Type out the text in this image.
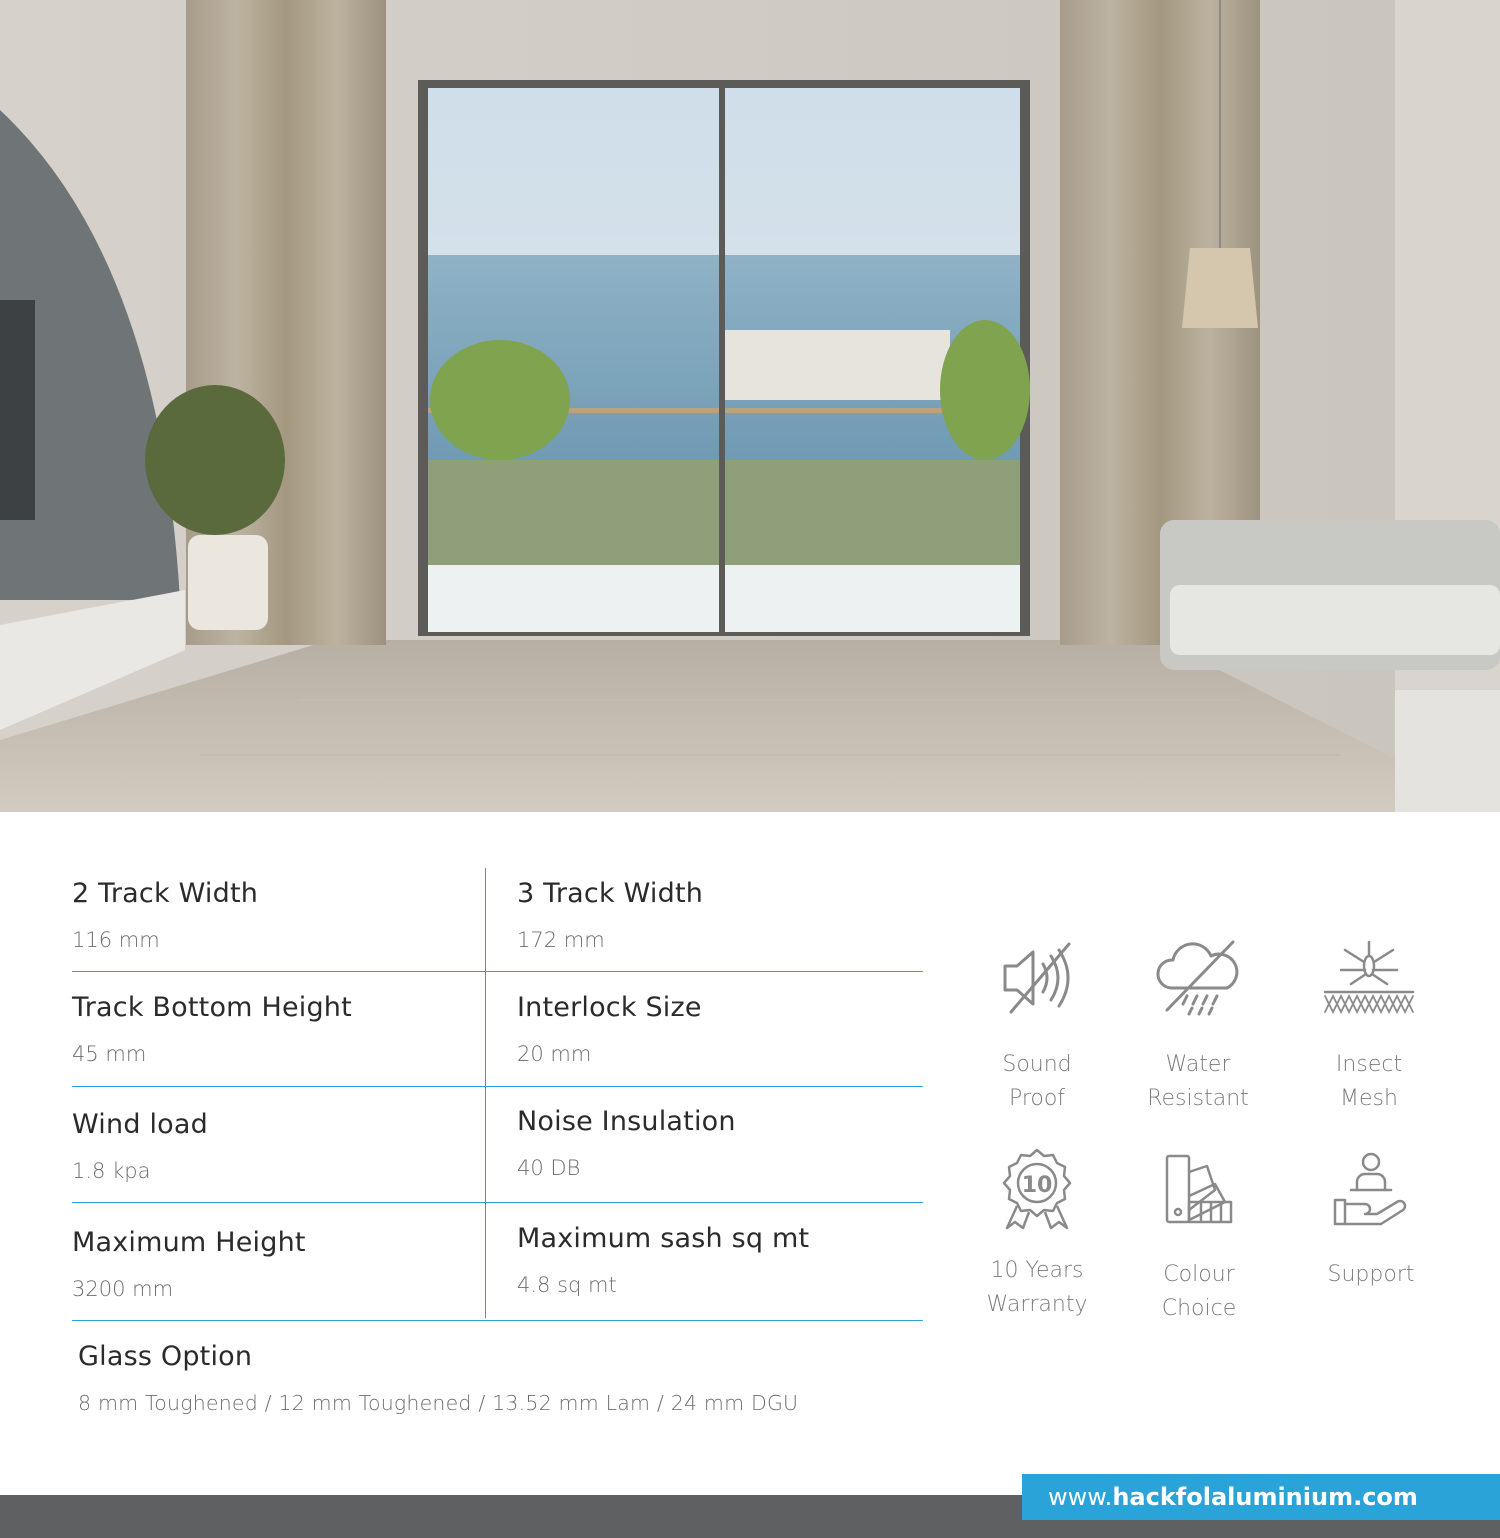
2 Track Width
116 mm
3 Track Width
172 mm
Track Bottom Height
45 mm
Interlock Size
20 mm
Wind load
1.8 kpa
Noise Insulation
40 DB
Maximum Height
3200 mm
Maximum sash sq mt
4.8 sq mt
Glass Option
8 mm Toughened / 12 mm Toughened / 13.52 mm Lam / 24 mm DGU
Sound
Proof
Water
Resistant
Insect
Mesh
10
10 Years
Warranty
Colour
Choice
Support
www.hackfolaluminium.com
